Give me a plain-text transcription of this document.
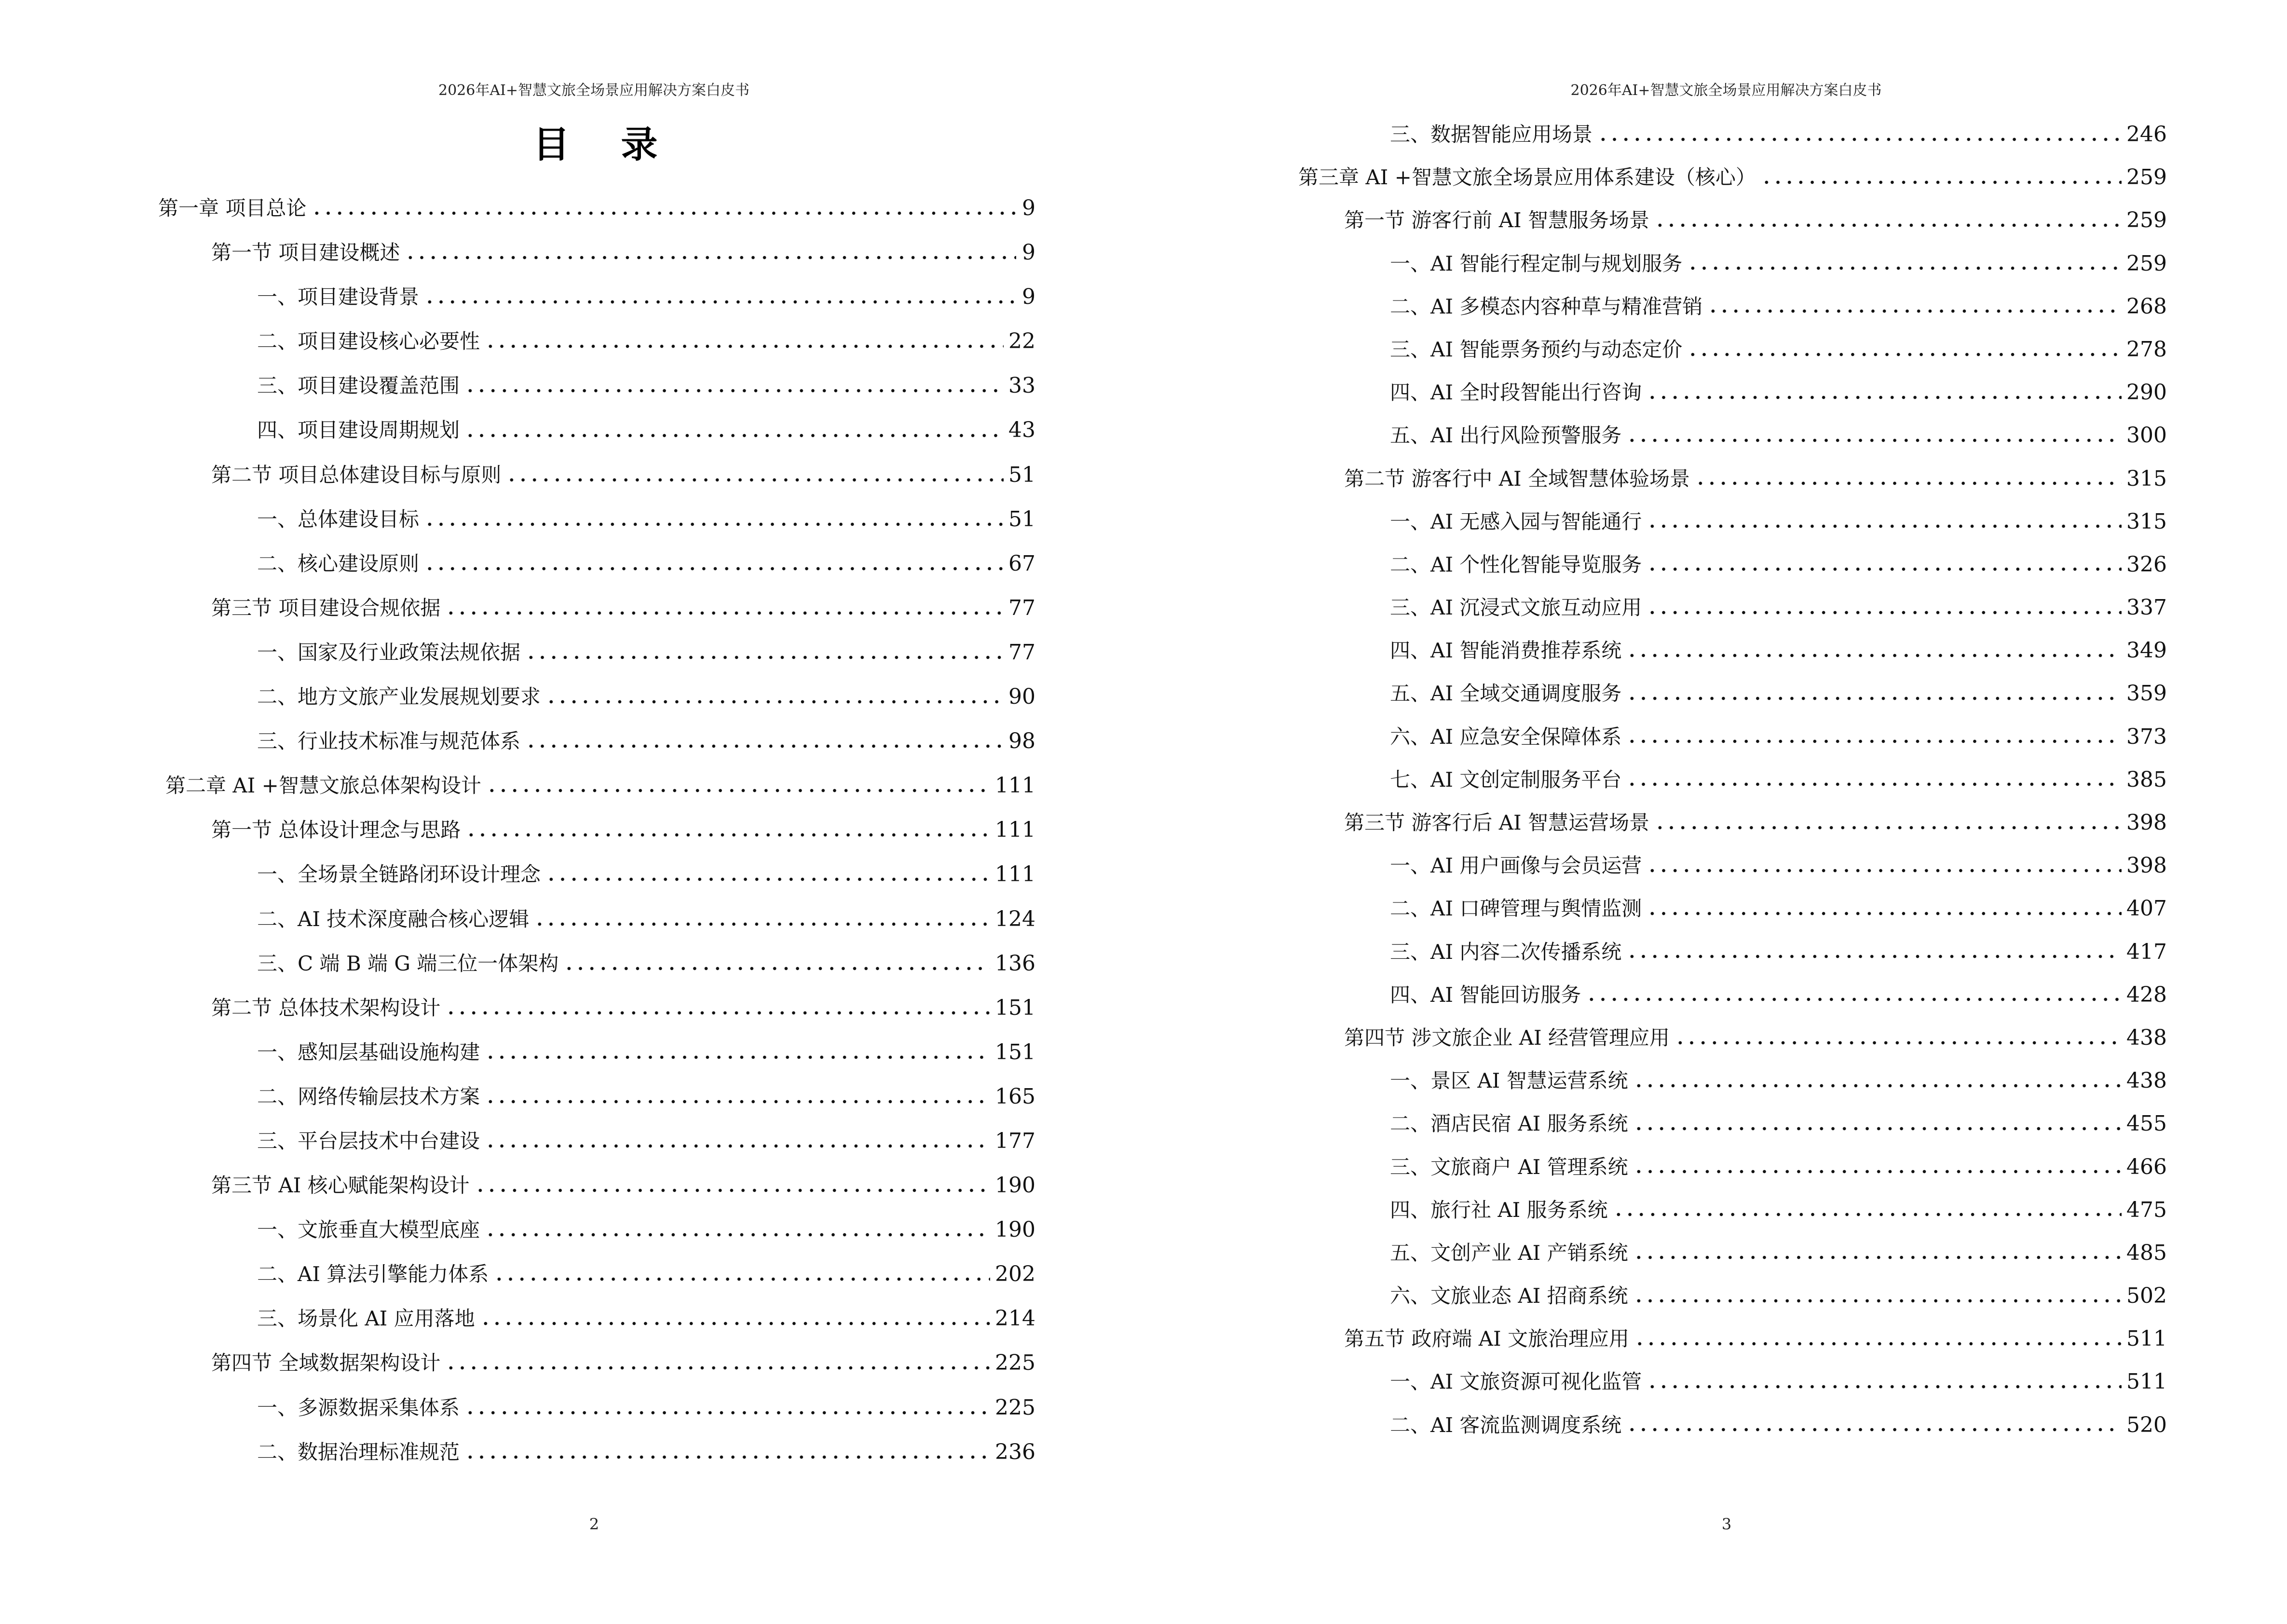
2026年AI+智慧文旅全场景应用解决方案白皮书
目 录
第一章 项目总论	9
第一节 项目建设概述	9
一、项目建设背景	9
二、项目建设核心必要性	22
三、项目建设覆盖范围	33
四、项目建设周期规划	43
第二节 项目总体建设目标与原则	51
一、总体建设目标	51
二、核心建设原则	67
第三节 项目建设合规依据	77
一、国家及行业政策法规依据	77
二、地方文旅产业发展规划要求	90
三、行业技术标准与规范体系	98
第二章 AI +智慧文旅总体架构设计	111
第一节 总体设计理念与思路	111
一、全场景全链路闭环设计理念	111
二、AI 技术深度融合核心逻辑	124
三、C 端 B 端 G 端三位一体架构	136
第二节 总体技术架构设计	151
一、感知层基础设施构建	151
二、网络传输层技术方案	165
三、平台层技术中台建设	177
第三节 AI 核心赋能架构设计	190
一、文旅垂直大模型底座	190
二、AI 算法引擎能力体系	202
三、场景化 AI 应用落地	214
第四节 全域数据架构设计	225
一、多源数据采集体系	225
二、数据治理标准规范	236
2
2026年AI+智慧文旅全场景应用解决方案白皮书
三、数据智能应用场景	246
第三章 AI +智慧文旅全场景应用体系建设（核心）	259
第一节 游客行前 AI 智慧服务场景	259
一、AI 智能行程定制与规划服务	259
二、AI 多模态内容种草与精准营销	268
三、AI 智能票务预约与动态定价	278
四、AI 全时段智能出行咨询	290
五、AI 出行风险预警服务	300
第二节 游客行中 AI 全域智慧体验场景	315
一、AI 无感入园与智能通行	315
二、AI 个性化智能导览服务	326
三、AI 沉浸式文旅互动应用	337
四、AI 智能消费推荐系统	349
五、AI 全域交通调度服务	359
六、AI 应急安全保障体系	373
七、AI 文创定制服务平台	385
第三节 游客行后 AI 智慧运营场景	398
一、AI 用户画像与会员运营	398
二、AI 口碑管理与舆情监测	407
三、AI 内容二次传播系统	417
四、AI 智能回访服务	428
第四节 涉文旅企业 AI 经营管理应用	438
一、景区 AI 智慧运营系统	438
二、酒店民宿 AI 服务系统	455
三、文旅商户 AI 管理系统	466
四、旅行社 AI 服务系统	475
五、文创产业 AI 产销系统	485
六、文旅业态 AI 招商系统	502
第五节 政府端 AI 文旅治理应用	511
一、AI 文旅资源可视化监管	511
二、AI 客流监测调度系统	520
3
